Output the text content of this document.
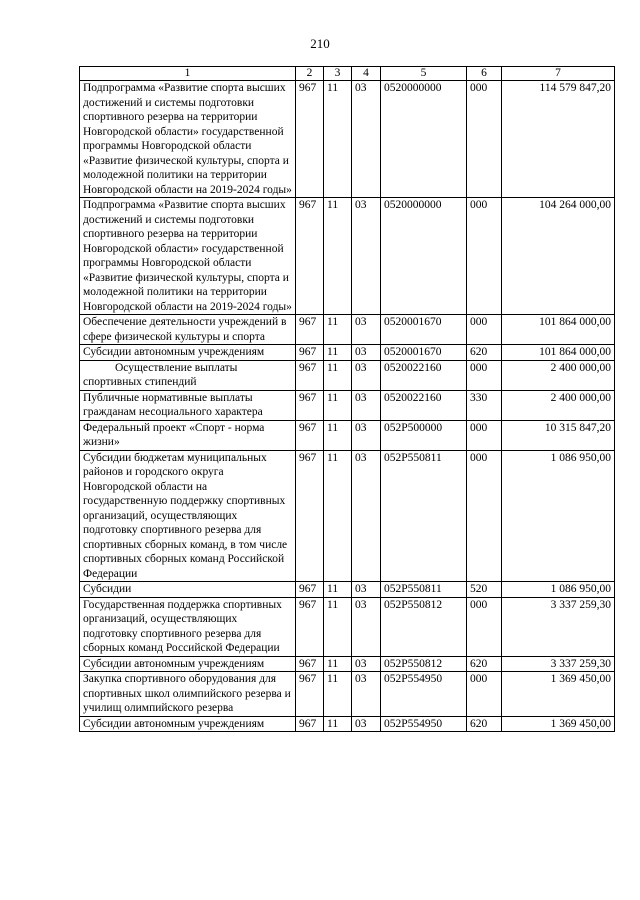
210
1	2	3	4	5	6	7
Подпрограмма «Развитие спорта высших достижений и системы подготовки спортивного резерва на территории Новгородской области» государственной программы Новгородской области «Развитие физической культуры, спорта и молодежной политики на территории Новгородской области на 2019-2024 годы»	967	11	03	0520000000	000	114 579 847,20
Подпрограмма «Развитие спорта высших достижений и системы подготовки спортивного резерва на территории Новгородской области» государственной программы Новгородской области «Развитие физической культуры, спорта и молодежной политики на территории Новгородской области на 2019-2024 годы»	967	11	03	0520000000	000	104 264 000,00
Обеспечение деятельности учреждений в сфере физической культуры и спорта	967	11	03	0520001670	000	101 864 000,00
Субсидии автономным учреждениям	967	11	03	0520001670	620	101 864 000,00
Осуществление выплаты спортивных стипендий	967	11	03	0520022160	000	2 400 000,00
Публичные нормативные выплаты гражданам несоциального характера	967	11	03	0520022160	330	2 400 000,00
Федеральный проект «Спорт - норма жизни»	967	11	03	052P500000	000	10 315 847,20
Субсидии бюджетам муниципальных районов и городского округа Новгородской области на государственную поддержку спортивных организаций, осуществляющих подготовку спортивного резерва для спортивных сборных команд, в том числе спортивных сборных команд Российской Федерации	967	11	03	052P550811	000	1 086 950,00
Субсидии	967	11	03	052P550811	520	1 086 950,00
Государственная поддержка спортивных организаций, осуществляющих подготовку спортивного резерва для сборных команд Российской Федерации	967	11	03	052P550812	000	3 337 259,30
Субсидии автономным учреждениям	967	11	03	052P550812	620	3 337 259,30
Закупка спортивного оборудования для спортивных школ олимпийского резерва и училищ олимпийского резерва	967	11	03	052P554950	000	1 369 450,00
Субсидии автономным учреждениям	967	11	03	052P554950	620	1 369 450,00
